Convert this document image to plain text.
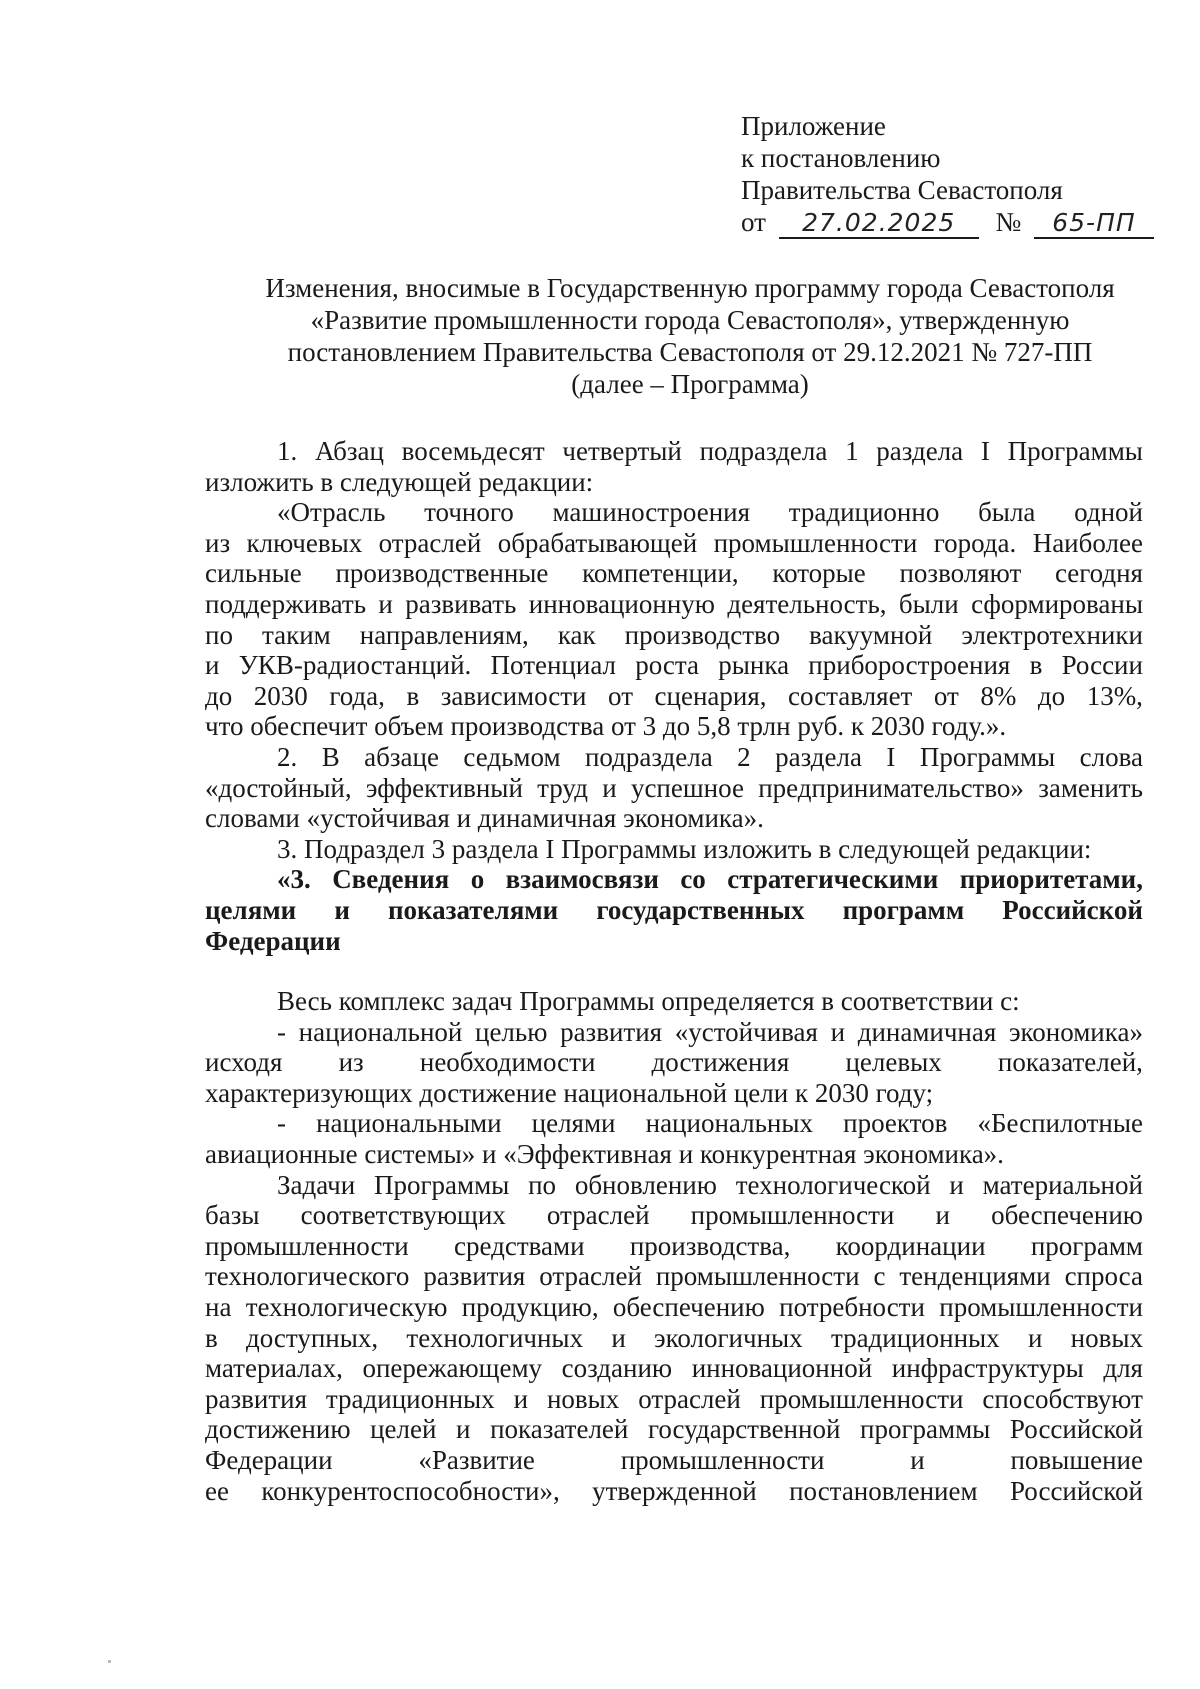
Приложение
к постановлению
Правительства Севастополя
от 27.02.2025 № 65-ПП
Изменения, вносимые в Государственную программу города Севастополя
«Развитие промышленности города Севастополя», утвержденную
постановлением Правительства Севастополя от 29.12.2021 № 727-ПП
(далее – Программа)
1. Абзац восемьдесят четвертый подраздела 1 раздела I Программы
изложить в следующей редакции:
«Отрасль точного машиностроения традиционно была одной
из ключевых отраслей обрабатывающей промышленности города. Наиболее
сильные производственные компетенции, которые позволяют сегодня
поддерживать и развивать инновационную деятельность, были сформированы
по таким направлениям, как производство вакуумной электротехники
и УКВ-радиостанций. Потенциал роста рынка приборостроения в России
до 2030 года, в зависимости от сценария, составляет от 8% до 13%,
что обеспечит объем производства от 3 до 5,8 трлн руб. к 2030 году.».
2. В абзаце седьмом подраздела 2 раздела I Программы слова
«достойный, эффективный труд и успешное предпринимательство» заменить
словами «устойчивая и динамичная экономика».
3. Подраздел 3 раздела I Программы изложить в следующей редакции:
«3. Сведения о взаимосвязи со стратегическими приоритетами,
целями и показателями государственных программ Российской
Федерации
Весь комплекс задач Программы определяется в соответствии с:
- национальной целью развития «устойчивая и динамичная экономика»
исходя из необходимости достижения целевых показателей,
характеризующих достижение национальной цели к 2030 году;
- национальными целями национальных проектов «Беспилотные
авиационные системы» и «Эффективная и конкурентная экономика».
Задачи Программы по обновлению технологической и материальной
базы соответствующих отраслей промышленности и обеспечению
промышленности средствами производства, координации программ
технологического развития отраслей промышленности с тенденциями спроса
на технологическую продукцию, обеспечению потребности промышленности
в доступных, технологичных и экологичных традиционных и новых
материалах, опережающему созданию инновационной инфраструктуры для
развития традиционных и новых отраслей промышленности способствуют
достижению целей и показателей государственной программы Российской
Федерации	«Развитие	промышленности	и	повышение
ее конкурентоспособности», утвержденной постановлением Российской
